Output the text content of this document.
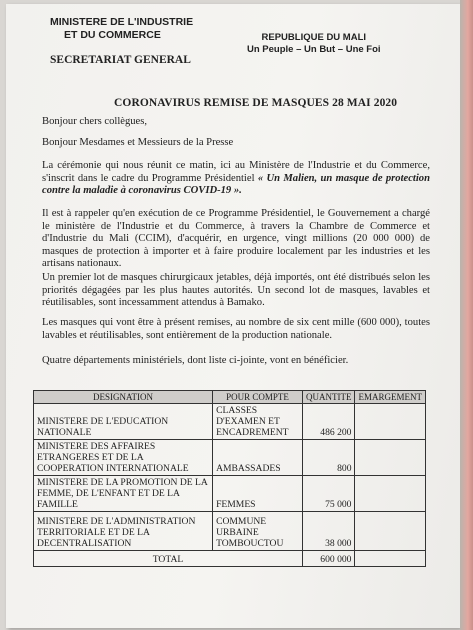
MINISTERE DE L'INDUSTRIE
ET DU COMMERCE
SECRETARIAT GENERAL
REPUBLIQUE DU MALI
Un Peuple – Un But – Une Foi
CORONAVIRUS REMISE DE MASQUES 28 MAI 2020
Bonjour chers collègues,
Bonjour Mesdames et Messieurs de la Presse
La cérémonie qui nous réunit ce matin, ici au Ministère de l'Industrie et du Commerce, s'inscrit dans le cadre du Programme Présidentiel « Un Malien, un masque de protection contre la maladie à coronavirus COVID-19 ».
Il est à rappeler qu'en exécution de ce Programme Présidentiel, le Gouvernement a chargé le ministère de l'Industrie et du Commerce, à travers la Chambre de Commerce et d'Industrie du Mali (CCIM), d'acquérir, en urgence, vingt millions (20 000 000) de masques de protection à importer et à faire produire localement par les industries et les artisans nationaux.
Un premier lot de masques chirurgicaux jetables, déjà importés, ont été distribués selon les priorités dégagées par les plus hautes autorités. Un second lot de masques, lavables et réutilisables, sont incessamment attendus à Bamako.
Les masques qui vont être à présent remises, au nombre de six cent mille (600 000), toutes lavables et réutilisables, sont entièrement de la production nationale.
Quatre départements ministériels, dont liste ci-jointe, vont en bénéficier.
DESIGNATION	POUR COMPTE	QUANTITE	EMARGEMENT
MINISTERE DE L'EDUCATION NATIONALE	CLASSES D'EXAMEN ET ENCADREMENT	486 200	
MINISTERE DES AFFAIRES ETRANGERES ET DE LA COOPERATION INTERNATIONALE	AMBASSADES	800	
MINISTERE DE LA PROMOTION DE LA FEMME, DE L'ENFANT ET DE LA FAMILLE	FEMMES	75 000	
MINISTERE DE L'ADMINISTRATION TERRITORIALE ET DE LA DECENTRALISATION	COMMUNE URBAINE TOMBOUCTOU	38 000	
TOTAL		600 000	
